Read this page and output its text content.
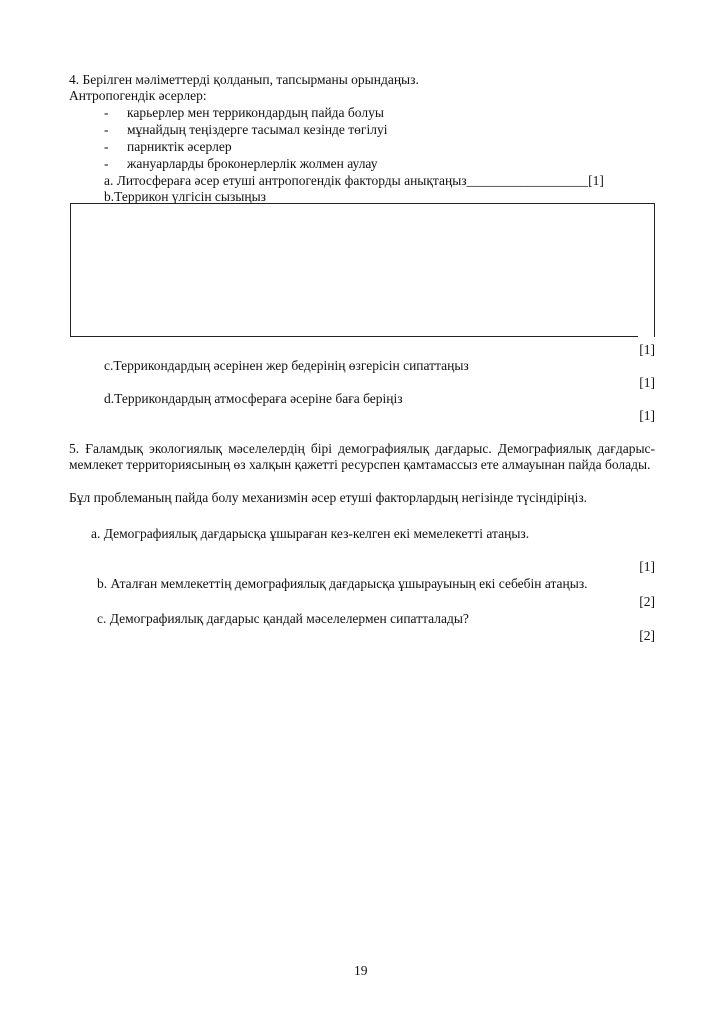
4. Берілген мәліметтерді қолданып, тапсырманы орындаңыз.
Антропогендік әсерлер:
- карьерлер мен террикондардың пайда болуы
- мұнайдың теңіздерге тасымал кезінде төгілуі
- парниктік әсерлер
- жануарларды броконерлерлік жолмен аулау
a. Литосфераға әсер етуші антропогендік факторды анықтаңыз__________________[1]
b.Террикон үлгісін сызыңыз
[1]
c.Террикондардың әсерінен жер бедерінің өзгерісін сипаттаңыз
[1]
d.Террикондардың атмосфераға әсеріне баға беріңіз
[1]
5. Ғаламдық экологиялық мәселелердің бірі демографиялық дағдарыс. Демографиялық дағдарыс-мемлекет территориясының өз халқын қажетті ресурспен қамтамассыз ете алмауынан пайда болады.
Бұл проблеманың пайда болу механизмін әсер етуші факторлардың негізінде түсіндіріңіз.
a. Демографиялық дағдарысқа ұшыраған кез-келген екі мемелекетті атаңыз.
[1]
b. Аталған мемлекеттің демографиялық дағдарысқа ұшырауының екі себебін атаңыз.
[2]
c. Демографиялық дағдарыс қандай мәселелермен сипатталады?
[2]
19
